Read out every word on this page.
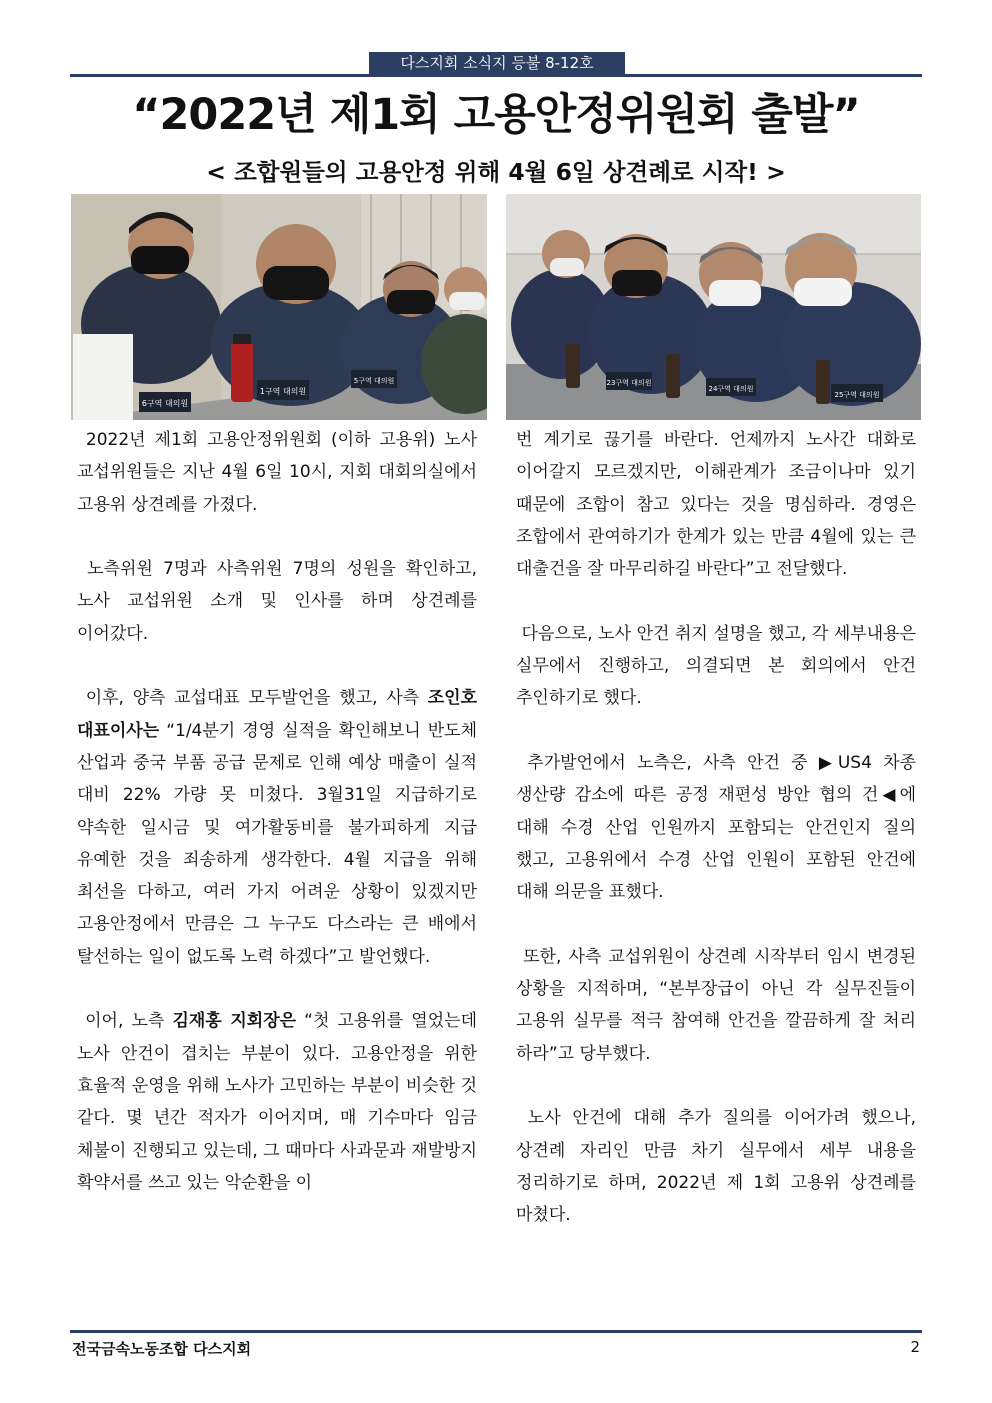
다스지회 소식지 등불 8-12호
“2022년 제1회 고용안정위원회 출발”
< 조합원들의 고용안정 위해 4월 6일 상견례로 시작! >
6구역 대의원
1구역 대의원
5구역 대의원	23구역 대의원
24구역 대의원
25구역 대의원

2022년 제1회 고용안정위원회 (이하 고용위) 노사 교섭위원들은 지난 4월 6일 10시, 지회 대회의실에서 고용위 상견례를 가졌다.

노측위원 7명과 사측위원 7명의 성원을 확인하고, 노사 교섭위원 소개 및 인사를 하며 상견례를 이어갔다.

이후, 양측 교섭대표 모두발언을 했고, 사측 조인호 대표이사는 “1/4분기 경영 실적을 확인해보니 반도체 산업과 중국 부품 공급 문제로 인해 예상 매출이 실적 대비 22% 가량 못 미쳤다. 3월31일 지급하기로 약속한 일시금 및 여가활동비를 불가피하게 지급 유예한 것을 죄송하게 생각한다. 4월 지급을 위해 최선을 다하고, 여러 가지 어려운 상황이 있겠지만 고용안정에서 만큼은 그 누구도 다스라는 큰 배에서 탈선하는 일이 없도록 노력 하겠다”고 발언했다.

이어, 노측 김재홍 지회장은 “첫 고용위를 열었는데 노사 안건이 겹치는 부분이 있다. 고용안정을 위한 효율적 운영을 위해 노사가 고민하는 부분이 비슷한 것 같다. 몇 년간 적자가 이어지며, 매 기수마다 임금 체불이 진행되고 있는데, 그 때마다 사과문과 재발방지 확약서를 쓰고 있는 악순환을 이

번 계기로 끊기를 바란다. 언제까지 노사간 대화로 이어갈지 모르겠지만, 이해관계가 조금이나마 있기 때문에 조합이 참고 있다는 것을 명심하라. 경영은 조합에서 관여하기가 한계가 있는 만큼 4월에 있는 큰 대출건을 잘 마무리하길 바란다”고 전달했다.

다음으로, 노사 안건 취지 설명을 했고, 각 세부내용은 실무에서 진행하고, 의결되면 본 회의에서 안건 추인하기로 했다.

추가발언에서 노측은, 사측 안건 중 ▶US4 차종 생산량 감소에 따른 공정 재편성 방안 협의 건◀에 대해 수경 산업 인원까지 포함되는 안건인지 질의 했고, 고용위에서 수경 산업 인원이 포함된 안건에 대해 의문을 표했다.

또한, 사측 교섭위원이 상견례 시작부터 임시 변경된 상황을 지적하며, “본부장급이 아닌 각 실무진들이 고용위 실무를 적극 참여해 안건을 깔끔하게 잘 처리 하라”고 당부했다.

노사 안건에 대해 추가 질의를 이어가려 했으나, 상견례 자리인 만큼 차기 실무에서 세부 내용을 정리하기로 하며, 2022년 제 1회 고용위 상견례를 마쳤다.

전국금속노동조합 다스지회	2
